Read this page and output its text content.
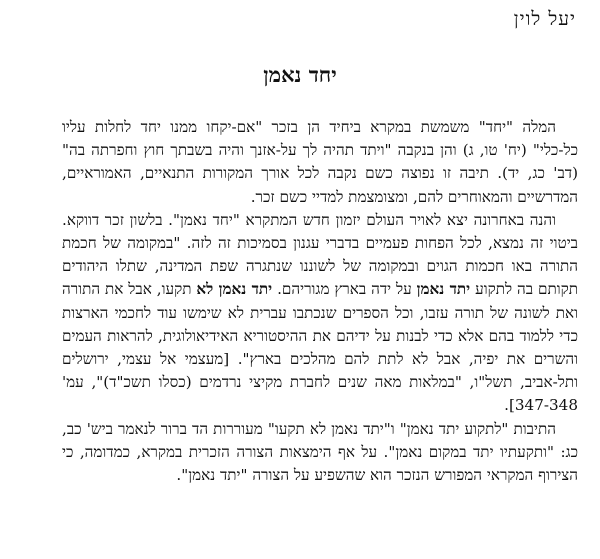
יעל לוין
יחד נאמן

המלה "יחד" משמשת במקרא ביחיד הן בזכר "אם-יקחו ממנו יחד לחלות עליו כל-כלי" (יח' טו, ג) והן בנקבה "ויתד תהיה לך על-אזנך והיה בשבתך חוץ וחפרתה בה" (דב' כג, יד). תיבה זו נפוצה כשם נקבה לכל אורך המקורות התנאיים, האמוראיים, המדרשיים והמאוחרים להם, ומצומצמת למדיי כשם זכר.

והנה באחרונה יצא לאויר העולם יזמון חדש המתקרא "יחד נאמן". בלשון זכר דווקא. ביטוי זה נמצא, לכל הפחות פעמיים בדברי עגנון בסמיכות זה לזה. "במקומה של חכמת התורה באו חכמות הגוים ובמקומה של לשוננו שנתגרה שפת המדינה, שתלו היהודים תקותם בה לתקוע יתד נאמן על ידה בארץ מגוריהם. יתד נאמן לא תקעו, אבל את התורה ואת לשונה של תורה עזבו, וכל הספרים שנכתבו עברית לא שימשו עוד לחכמי הארצות כדי ללמוד בהם אלא כדי לבנות על ידיהם את ההיסטוריא האידיאולוגית, להראות העמים והשרים את יפיה, אבל לא לתת להם מהלכים בארץ". [מעצמי אל עצמי, ירושלים ותל-אביב, תשל"ו, "במלאות מאה שנים לחברת מקיצי נרדמים (כסלו תשכ"ד)", עמ' 347-348].

התיבות "לתקוע יתד נאמן" ו"יתד נאמן לא תקעו" מעוררות הד ברור לנאמר ביש' כב, כג: "ותקעתיו יתד במקום נאמן". על אף הימצאות הצורה הזכרית במקרא, כמדומה, כי הצירוף המקראי המפורש הנזכר הוא שהשפיע על הצורה "יתד נאמן".
